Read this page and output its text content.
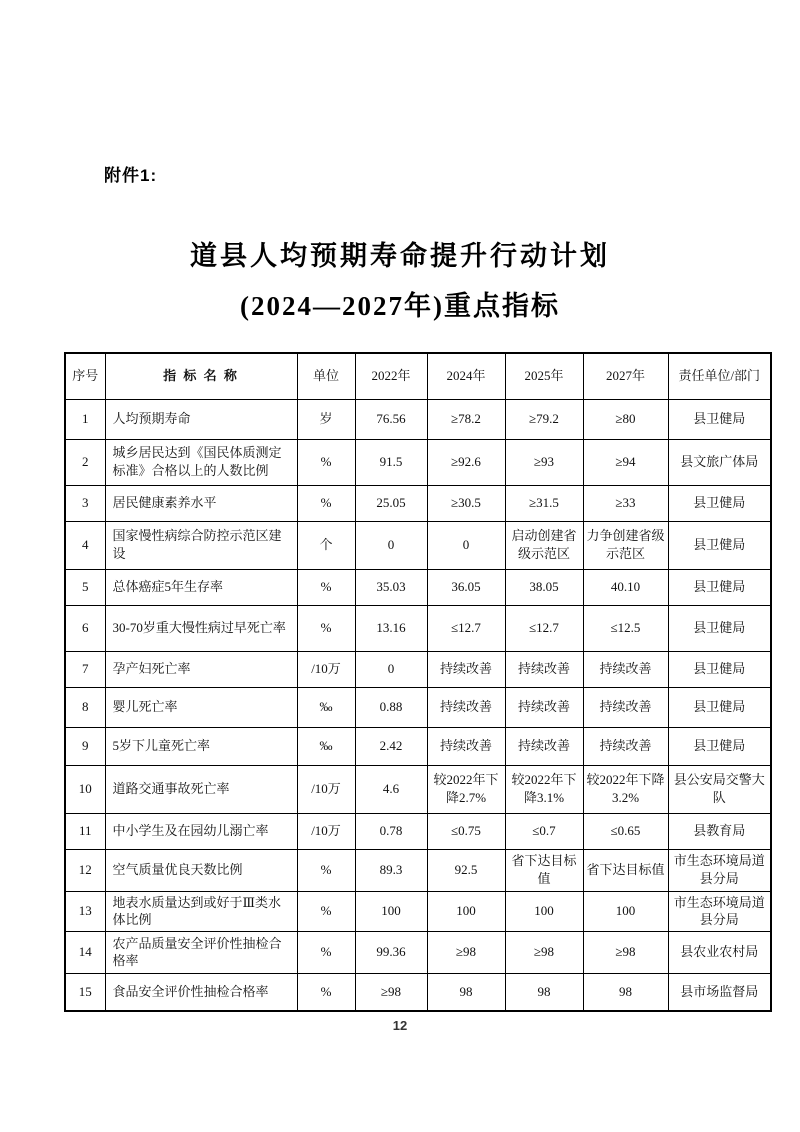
附件1:
道县人均预期寿命提升行动计划
(2024—2027年)重点指标
序号	指 标 名 称	单位	2022年	2024年	2025年	2027年	责任单位/部门
1	人均预期寿命	岁	76.56	≥78.2	≥79.2	≥80	县卫健局
2	城乡居民达到《国民体质测定标准》合格以上的人数比例	%	91.5	≥92.6	≥93	≥94	县文旅广体局
3	居民健康素养水平	%	25.05	≥30.5	≥31.5	≥33	县卫健局
4	国家慢性病综合防控示范区建设	个	0	0	启动创建省级示范区	力争创建省级示范区	县卫健局
5	总体癌症5年生存率	%	35.03	36.05	38.05	40.10	县卫健局
6	30-70岁重大慢性病过早死亡率	%	13.16	≤12.7	≤12.7	≤12.5	县卫健局
7	孕产妇死亡率	/10万	0	持续改善	持续改善	持续改善	县卫健局
8	婴儿死亡率	‰	0.88	持续改善	持续改善	持续改善	县卫健局
9	5岁下儿童死亡率	‰	2.42	持续改善	持续改善	持续改善	县卫健局
10	道路交通事故死亡率	/10万	4.6	较2022年下降2.7%	较2022年下降3.1%	较2022年下降3.2%	县公安局交警大队
11	中小学生及在园幼儿溺亡率	/10万	0.78	≤0.75	≤0.7	≤0.65	县教育局
12	空气质量优良天数比例	%	89.3	92.5	省下达目标值	省下达目标值	市生态环境局道县分局
13	地表水质量达到或好于Ⅲ类水体比例	%	100	100	100	100	市生态环境局道县分局
14	农产品质量安全评价性抽检合格率	%	99.36	≥98	≥98	≥98	县农业农村局
15	食品安全评价性抽检合格率	%	≥98	98	98	98	县市场监督局
12
